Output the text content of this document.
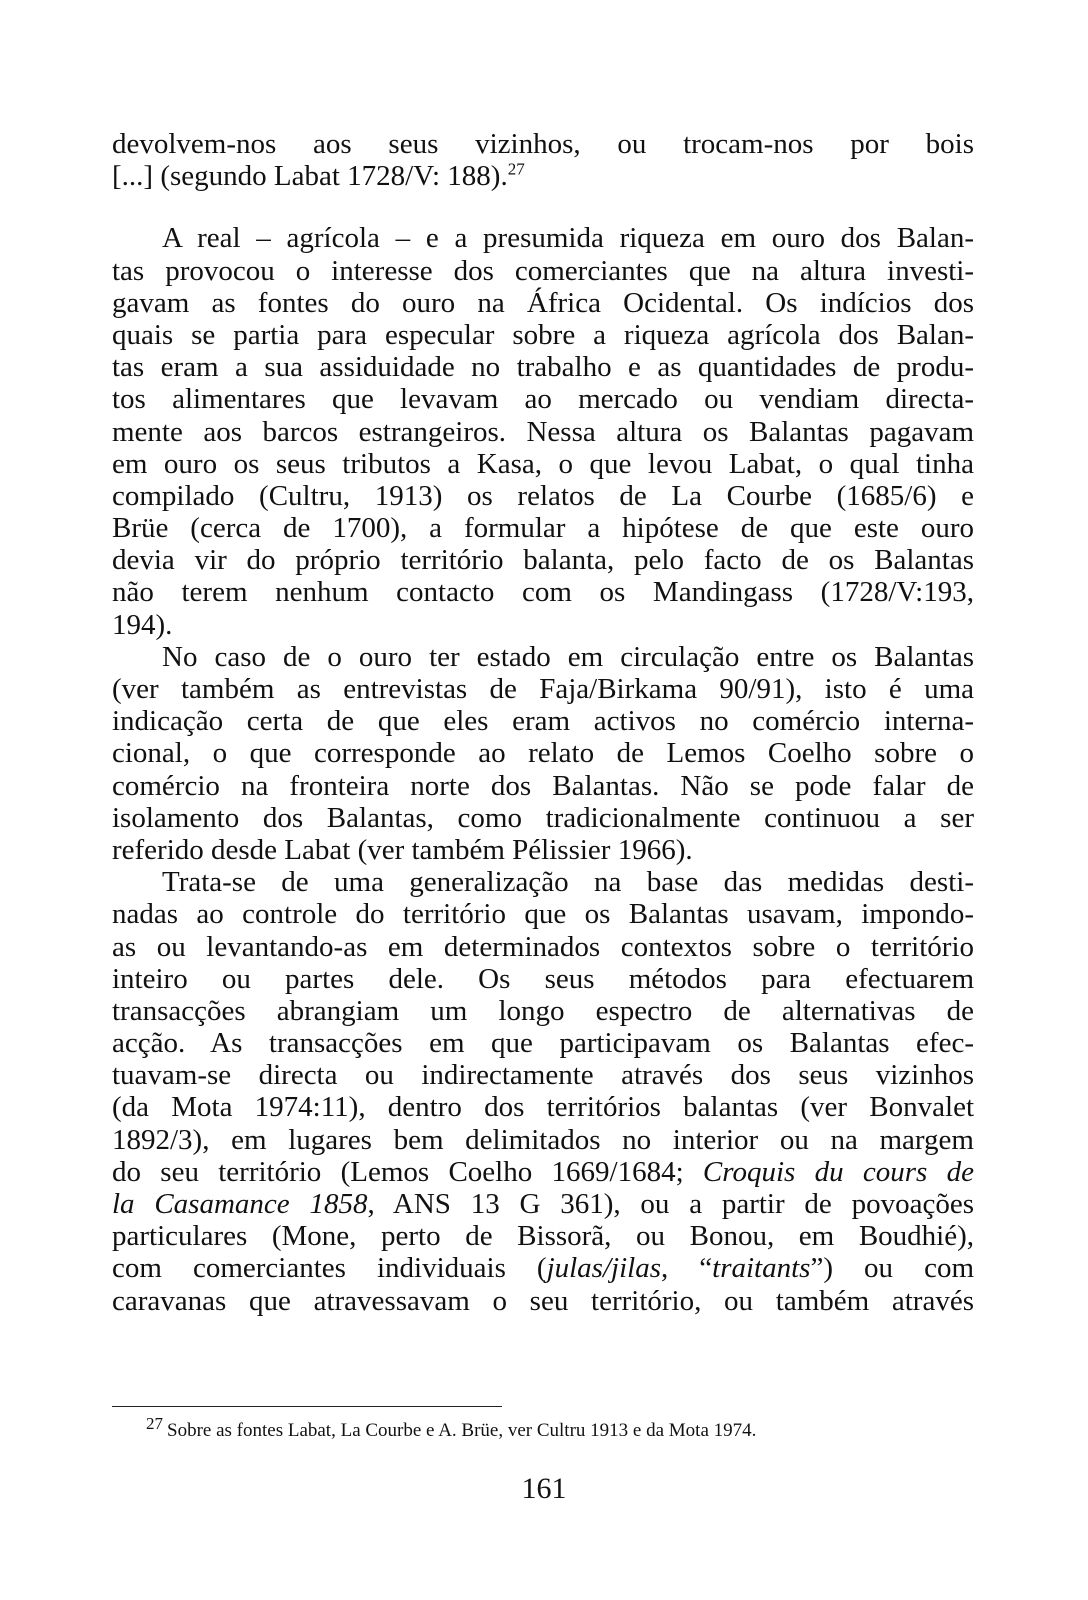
devolvem-nos aos seus vizinhos, ou trocam-nos por bois
[...] (segundo Labat 1728/V: 188).$^{27}$
A real – agrícola – e a presumida riqueza em ouro dos Balan-
tas provocou o interesse dos comerciantes que na altura investi-
gavam as fontes do ouro na África Ocidental. Os indícios dos
quais se partia para especular sobre a riqueza agrícola dos Balan-
tas eram a sua assiduidade no trabalho e as quantidades de produ-
tos alimentares que levavam ao mercado ou vendiam directa-
mente aos barcos estrangeiros. Nessa altura os Balantas pagavam
em ouro os seus tributos a Kasa, o que levou Labat, o qual tinha
compilado (Cultru, 1913) os relatos de La Courbe (1685/6) e
Brüe (cerca de 1700), a formular a hipótese de que este ouro
devia vir do próprio território balanta, pelo facto de os Balantas
não terem nenhum contacto com os Mandingass (1728/V:193,
194).
No caso de o ouro ter estado em circulação entre os Balantas
(ver também as entrevistas de Faja/Birkama 90/91), isto é uma
indicação certa de que eles eram activos no comércio interna-
cional, o que corresponde ao relato de Lemos Coelho sobre o
comércio na fronteira norte dos Balantas. Não se pode falar de
isolamento dos Balantas, como tradicionalmente continuou a ser
referido desde Labat (ver também Pélissier 1966).
Trata-se de uma generalização na base das medidas desti-
nadas ao controle do território que os Balantas usavam, impondo-
as ou levantando-as em determinados contextos sobre o território
inteiro ou partes dele. Os seus métodos para efectuarem
transacções abrangiam um longo espectro de alternativas de
acção. As transacções em que participavam os Balantas efec-
tuavam-se directa ou indirectamente através dos seus vizinhos
(da Mota 1974:11), dentro dos territórios balantas (ver Bonvalet
1892/3), em lugares bem delimitados no interior ou na margem
do seu território (Lemos Coelho 1669/1684; Croquis du cours de
la Casamance 1858, ANS 13 G 361), ou a partir de povoações
particulares (Mone, perto de Bissorã, ou Bonou, em Boudhié),
com comerciantes individuais (julas/jilas, “traitants”) ou com
caravanas que atravessavam o seu território, ou também através
27 Sobre as fontes Labat, La Courbe e A. Brüe, ver Cultru 1913 e da Mota 1974.
161
